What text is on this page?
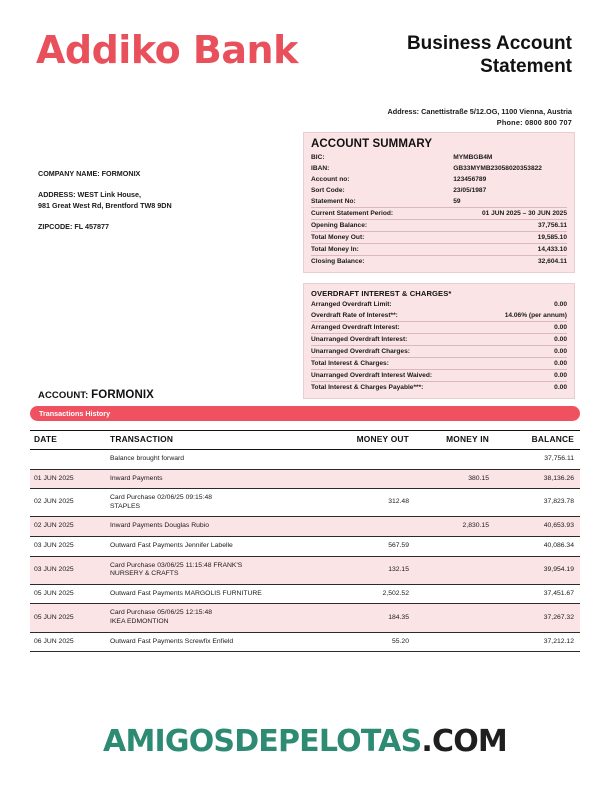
Addiko Bank	Business Account
Statement
Address: Canettistraße 5/12.OG, 1100 Vienna, Austria
Phone: 0800 800 707
COMPANY NAME: FORMONIX
ADDRESS: WEST Link House,
981 Great West Rd, Brentford TW8 9DN
ZIPCODE: FL 457877
ACCOUNT SUMMARY
BIC:	MYMBGB4M
IBAN:	GB33MYMB23058020353822
Account no:	123456789
Sort Code:	23/05/1987
Statement No:	59
Current Statement Period:	01 JUN 2025 – 30 JUN 2025
Opening Balance:	37,756.11
Total Money Out:	19,585.10
Total Money In:	14,433.10
Closing Balance:	32,604.11
OVERDRAFT INTEREST & CHARGES*
Arranged Overdraft Limit:	0.00
Overdraft Rate of Interest**:	14.06% (per annum)
Arranged Overdraft Interest:	0.00
Unarranged Overdraft Interest:	0.00
Unarranged Overdraft Charges:	0.00
Total Interest & Charges:	0.00
Unarranged Overdraft Interest Waived:	0.00
Total Interest & Charges Payable***:	0.00
ACCOUNT: FORMONIX
Transactions History
DATE	TRANSACTION	MONEY OUT	MONEY IN	BALANCE
	Balance brought forward			37,756.11
01 JUN 2025	Inward Payments		380.15	38,136.26
02 JUN 2025	Card Purchase 02/06/25 09:15:48
STAPLES	312.48		37,823.78
02 JUN 2025	Inward Payments Douglas Rubio		2,830.15	40,653.93
03 JUN 2025	Outward Fast Payments Jennifer Labelle	567.59		40,086.34
03 JUN 2025	Card Purchase 03/06/25 11:15:48 FRANK'S
NURSERY & CRAFTS	132.15		39,954.19
05 JUN 2025	Outward Fast Payments MARGOLIS FURNITURE	2,502.52		37,451.67
05 JUN 2025	Card Purchase 05/06/25 12:15:48
IKEA EDMONTION	184.35		37,267.32
06 JUN 2025	Outward Fast Payments Screwfix Enfield	55.20		37,212.12
AMIGOSDEPELOTAS.COM
